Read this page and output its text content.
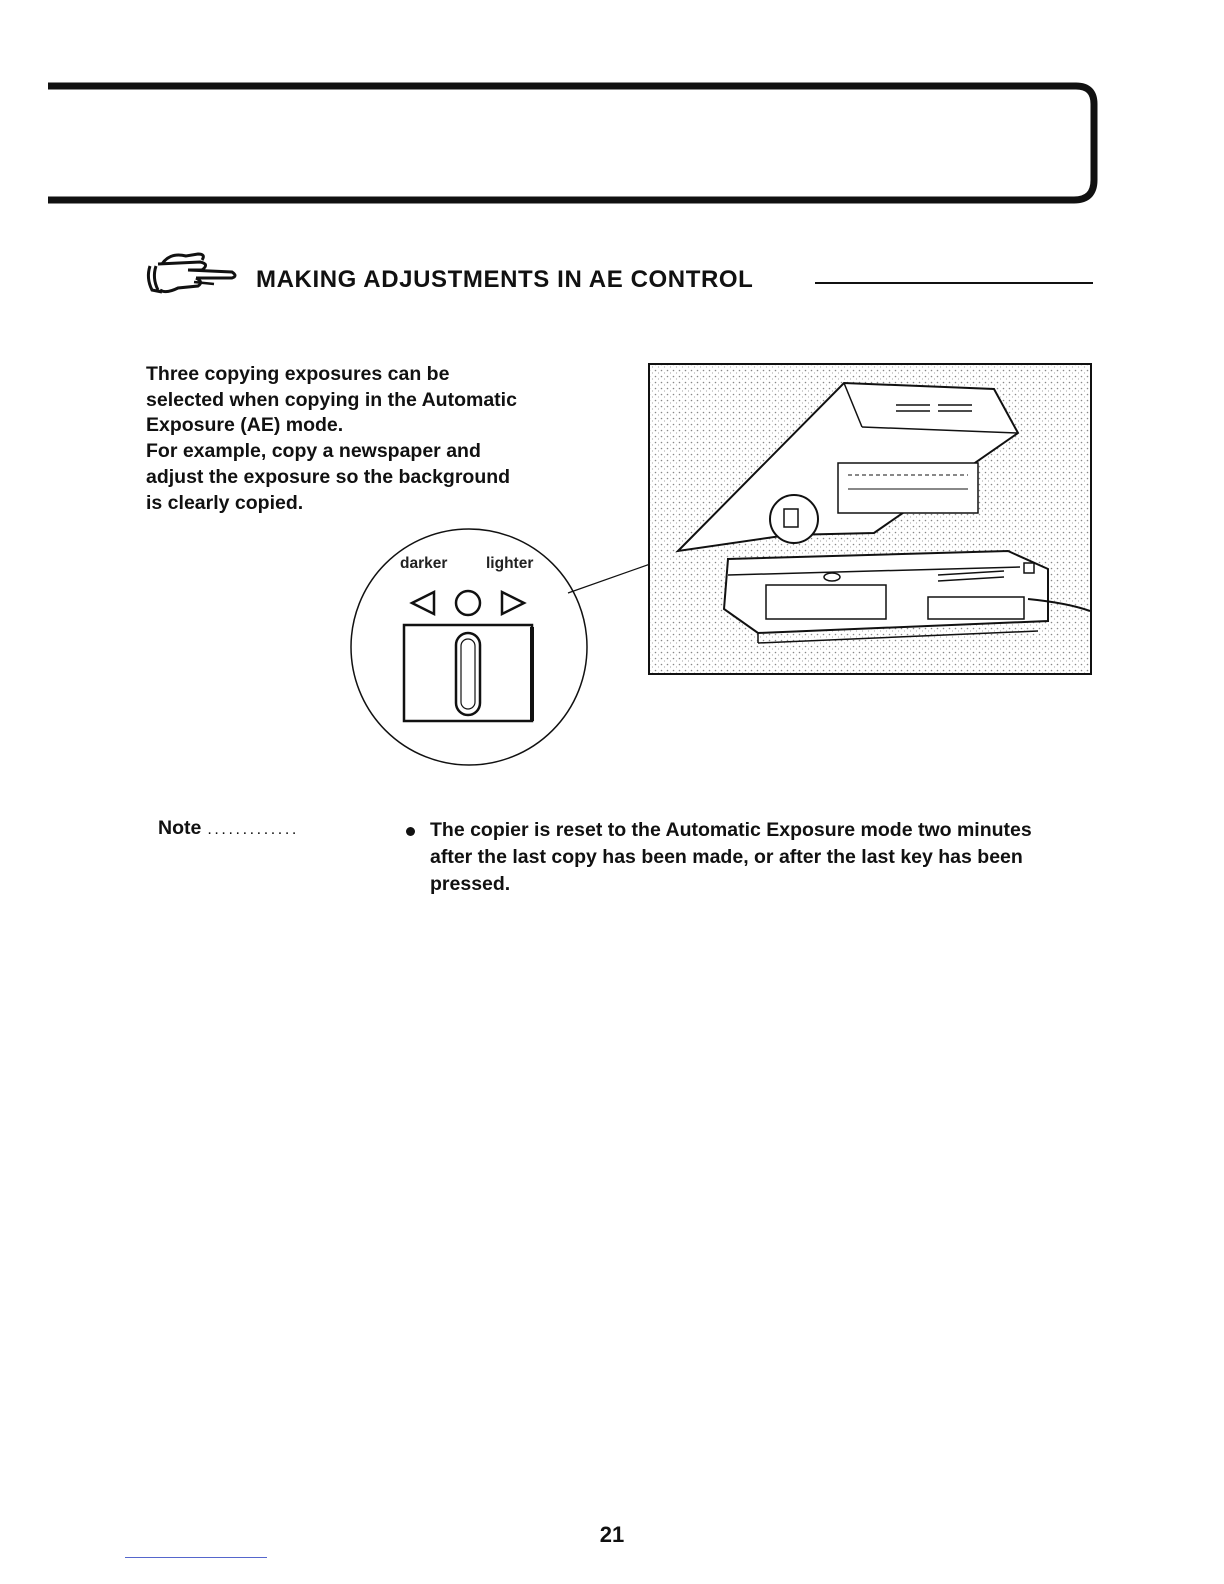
MAKING ADJUSTMENTS IN AE CONTROL

Three copying exposures can be

selected when copying in the Automatic

Exposure (AE) mode.

For example, copy a newspaper and

adjust the exposure so the background

is clearly copied.

darker lighter
Note .............	The copier is reset to the Automatic Exposure mode two minutes after the last copy has been made, or after the last key has been pressed.
21
